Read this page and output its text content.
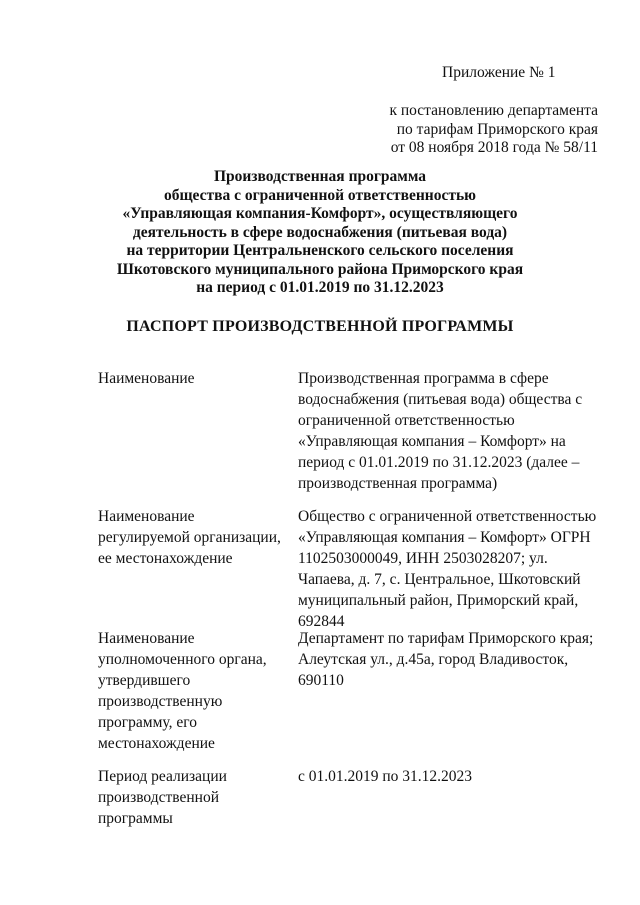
Приложение № 1
к постановлению департамента
по тарифам Приморского края
от 08 ноября 2018 года № 58/11
Производственная программа
общества с ограниченной ответственностью
«Управляющая компания-Комфорт», осуществляющего
деятельность в сфере водоснабжения (питьевая вода)
на территории Центральненского сельского поселения
Шкотовского муниципального района Приморского края
на период с 01.01.2019 по 31.12.2023
ПАСПОРТ ПРОИЗВОДСТВЕННОЙ ПРОГРАММЫ
Наименование	Производственная программа в сфере
водоснабжения (питьевая вода) общества с
ограниченной ответственностью
«Управляющая компания – Комфорт» на
период с 01.01.2019 по 31.12.2023 (далее –
производственная программа)
Наименование
регулируемой организации,
ее местонахождение
Общество с ограниченной ответственностью
«Управляющая компания – Комфорт» ОГРН
1102503000049, ИНН 2503028207; ул.
Чапаева, д. 7, с. Центральное, Шкотовский
муниципальный район, Приморский край,
692844
Наименование
уполномоченного органа,
утвердившего
производственную
программу, его
местонахождение
Департамент по тарифам Приморского края;
Алеутская ул., д.45а, город Владивосток,
690110
Период реализации
производственной
программы
с 01.01.2019 по 31.12.2023
